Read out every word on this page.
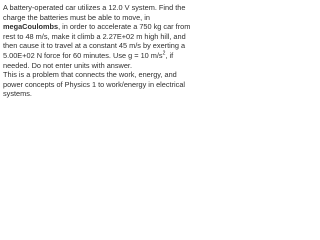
A battery-operated car utilizes a 12.0 V system. Find the charge the batteries must be able to move, in megaCoulombs, in order to accelerate a 750 kg car from rest to 48 m/s, make it climb a 2.27E+02 m high hill, and then cause it to travel at a constant 45 m/s by exerting a 5.00E+02 N force for 60 minutes. Use g = 10 $m/s^2$, if needed. Do not enter units with answer.
This is a problem that connects the work, energy, and power concepts of Physics 1 to work/energy in electrical systems.
